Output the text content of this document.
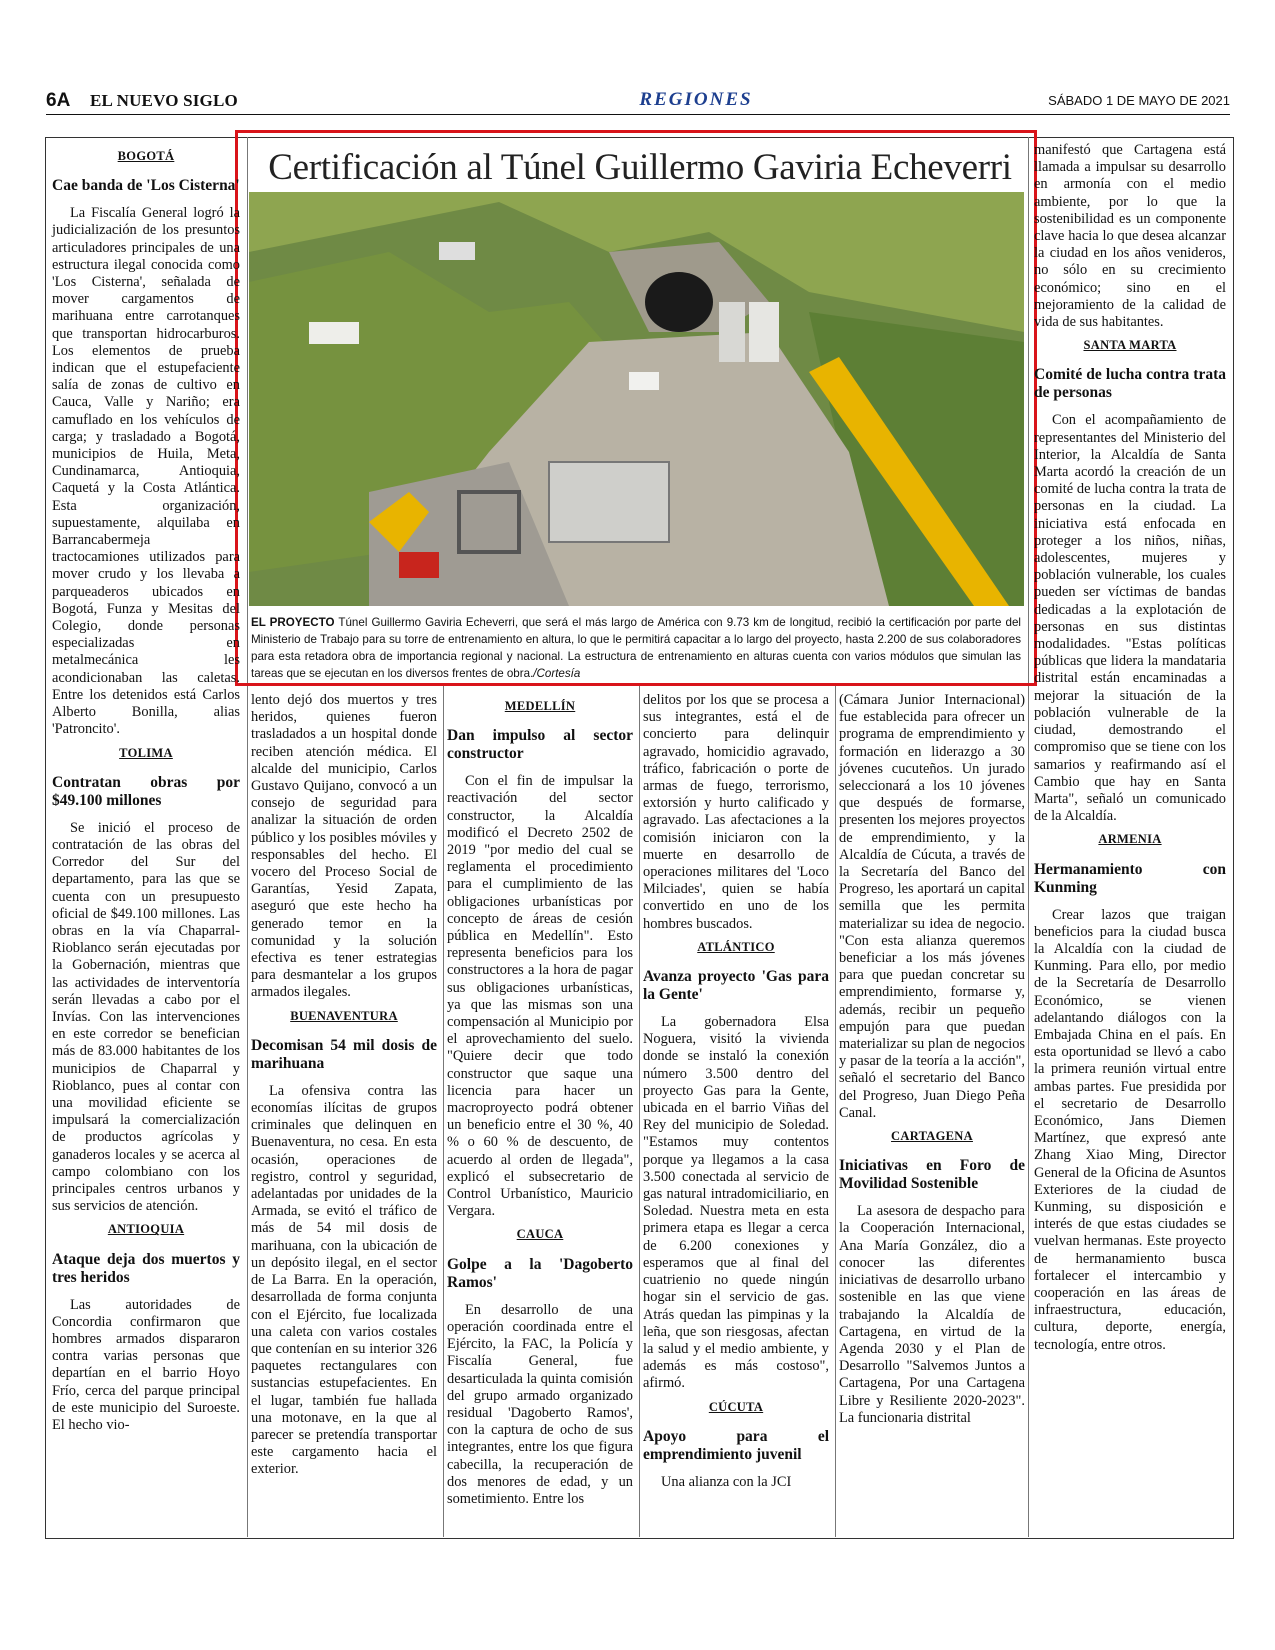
6A EL NUEVO SIGLO	REGIONES	SÁBADO 1 DE MAYO DE 2021
Certificación al Túnel Guillermo Gaviria Echeverri
EL PROYECTO Túnel Guillermo Gaviria Echeverri, que será el más largo de América con 9.73 km de longitud, recibió la certificación por parte del Ministerio de Trabajo para su torre de entrenamiento en altura, lo que le permitirá capacitar a lo largo del proyecto, hasta 2.200 de sus colaboradores para esta retadora obra de importancia regional y nacional. La estructura de entrenamiento en alturas cuenta con varios módulos que simulan las tareas que se ejecutan en los diversos frentes de obra./Cortesía
BOGOTÁ
Cae banda de 'Los Cisterna'

La Fiscalía General logró la judicialización de los presuntos articuladores principales de una estructura ilegal conocida como 'Los Cisterna', señalada de mover cargamentos de marihuana entre carrotanques que transportan hidrocarburos. Los elementos de prueba indican que el estupefaciente salía de zonas de cultivo en Cauca, Valle y Nariño; era camuflado en los vehículos de carga; y trasladado a Bogotá, municipios de Huila, Meta, Cundinamarca, Antioquia, Caquetá y la Costa Atlántica. Esta organización, supuestamente, alquilaba en Barrancabermeja tractocamiones utilizados para mover crudo y los llevaba a parqueaderos ubicados en Bogotá, Funza y Mesitas del Colegio, donde personas especializadas en metalmecánica les acondicionaban las caletas. Entre los detenidos está Carlos Alberto Bonilla, alias 'Patroncito'.

TOLIMA
Contratan obras por $49.100 millones

Se inició el proceso de contratación de las obras del Corredor del Sur del departamento, para las que se cuenta con un presupuesto oficial de $49.100 millones. Las obras en la vía Chaparral-Rioblanco serán ejecutadas por la Gobernación, mientras que las actividades de interventoría serán llevadas a cabo por el Invías. Con las intervenciones en este corredor se benefician más de 83.000 habitantes de los municipios de Chaparral y Rioblanco, pues al contar con una movilidad eficiente se impulsará la comercialización de productos agrícolas y ganaderos locales y se acerca al campo colombiano con los principales centros urbanos y sus servicios de atención.

ANTIOQUIA
Ataque deja dos muertos y tres heridos

Las autoridades de Concordia confirmaron que hombres armados dispararon contra varias personas que departían en el barrio Hoyo Frío, cerca del parque principal de este municipio del Suroeste. El hecho vio-

lento dejó dos muertos y tres heridos, quienes fueron trasladados a un hospital donde reciben atención médica. El alcalde del municipio, Carlos Gustavo Quijano, convocó a un consejo de seguridad para analizar la situación de orden público y los posibles móviles y responsables del hecho. El vocero del Proceso Social de Garantías, Yesid Zapata, aseguró que este hecho ha generado temor en la comunidad y la solución efectiva es tener estrategias para desmantelar a los grupos armados ilegales.

BUENAVENTURA
Decomisan 54 mil dosis de marihuana

La ofensiva contra las economías ilícitas de grupos criminales que delinquen en Buenaventura, no cesa. En esta ocasión, operaciones de registro, control y seguridad, adelantadas por unidades de la Armada, se evitó el tráfico de más de 54 mil dosis de marihuana, con la ubicación de un depósito ilegal, en el sector de La Barra. En la operación, desarrollada de forma conjunta con el Ejército, fue localizada una caleta con varios costales que contenían en su interior 326 paquetes rectangulares con sustancias estupefacientes. En el lugar, también fue hallada una motonave, en la que al parecer se pretendía transportar este cargamento hacia el exterior.

MEDELLÍN
Dan impulso al sector constructor

Con el fin de impulsar la reactivación del sector constructor, la Alcaldía modificó el Decreto 2502 de 2019 "por medio del cual se reglamenta el procedimiento para el cumplimiento de las obligaciones urbanísticas por concepto de áreas de cesión pública en Medellín". Esto representa beneficios para los constructores a la hora de pagar sus obligaciones urbanísticas, ya que las mismas son una compensación al Municipio por el aprovechamiento del suelo. "Quiere decir que todo constructor que saque una licencia para hacer un macroproyecto podrá obtener un beneficio entre el 30 %, 40 % o 60 % de descuento, de acuerdo al orden de llegada", explicó el subsecretario de Control Urbanístico, Mauricio Vergara.

CAUCA
Golpe a la 'Dagoberto Ramos'

En desarrollo de una operación coordinada entre el Ejército, la FAC, la Policía y Fiscalía General, fue desarticulada la quinta comisión del grupo armado organizado residual 'Dagoberto Ramos', con la captura de ocho de sus integrantes, entre los que figura cabecilla, la recuperación de dos menores de edad, y un sometimiento. Entre los

delitos por los que se procesa a sus integrantes, está el de concierto para delinquir agravado, homicidio agravado, tráfico, fabricación o porte de armas de fuego, terrorismo, extorsión y hurto calificado y agravado. Las afectaciones a la comisión iniciaron con la muerte en desarrollo de operaciones militares del 'Loco Milciades', quien se había convertido en uno de los hombres buscados.

ATLÁNTICO
Avanza proyecto 'Gas para la Gente'

La gobernadora Elsa Noguera, visitó la vivienda donde se instaló la conexión número 3.500 dentro del proyecto Gas para la Gente, ubicada en el barrio Viñas del Rey del municipio de Soledad. "Estamos muy contentos porque ya llegamos a la casa 3.500 conectada al servicio de gas natural intradomiciliario, en Soledad. Nuestra meta en esta primera etapa es llegar a cerca de 6.200 conexiones y esperamos que al final del cuatrienio no quede ningún hogar sin el servicio de gas. Atrás quedan las pimpinas y la leña, que son riesgosas, afectan la salud y el medio ambiente, y además es más costoso", afirmó.

CÚCUTA
Apoyo para el emprendimiento juvenil

Una alianza con la JCI

(Cámara Junior Internacional) fue establecida para ofrecer un programa de emprendimiento y formación en liderazgo a 30 jóvenes cucuteños. Un jurado seleccionará a los 10 jóvenes que después de formarse, presenten los mejores proyectos de emprendimiento, y la Alcaldía de Cúcuta, a través de la Secretaría del Banco del Progreso, les aportará un capital semilla que les permita materializar su idea de negocio. "Con esta alianza queremos beneficiar a los más jóvenes para que puedan concretar su emprendimiento, formarse y, además, recibir un pequeño empujón para que puedan materializar su plan de negocios y pasar de la teoría a la acción", señaló el secretario del Banco del Progreso, Juan Diego Peña Canal.

CARTAGENA
Iniciativas en Foro de Movilidad Sostenible

La asesora de despacho para la Cooperación Internacional, Ana María González, dio a conocer las diferentes iniciativas de desarrollo urbano sostenible en las que viene trabajando la Alcaldía de Cartagena, en virtud de la Agenda 2030 y el Plan de Desarrollo "Salvemos Juntos a Cartagena, Por una Cartagena Libre y Resiliente 2020-2023". La funcionaria distrital

manifestó que Cartagena está llamada a impulsar su desarrollo en armonía con el medio ambiente, por lo que la sostenibilidad es un componente clave hacia lo que desea alcanzar la ciudad en los años venideros, no sólo en su crecimiento económico; sino en el mejoramiento de la calidad de vida de sus habitantes.

SANTA MARTA
Comité de lucha contra trata de personas

Con el acompañamiento de representantes del Ministerio del Interior, la Alcaldía de Santa Marta acordó la creación de un comité de lucha contra la trata de personas en la ciudad. La iniciativa está enfocada en proteger a los niños, niñas, adolescentes, mujeres y población vulnerable, los cuales pueden ser víctimas de bandas dedicadas a la explotación de personas en sus distintas modalidades. "Estas políticas públicas que lidera la mandataria distrital están encaminadas a mejorar la situación de la población vulnerable de la ciudad, demostrando el compromiso que se tiene con los samarios y reafirmando así el Cambio que hay en Santa Marta", señaló un comunicado de la Alcaldía.

ARMENIA
Hermanamiento con Kunming

Crear lazos que traigan beneficios para la ciudad busca la Alcaldía con la ciudad de Kunming. Para ello, por medio de la Secretaría de Desarrollo Económico, se vienen adelantando diálogos con la Embajada China en el país. En esta oportunidad se llevó a cabo la primera reunión virtual entre ambas partes. Fue presidida por el secretario de Desarrollo Económico, Jans Diemen Martínez, que expresó ante Zhang Xiao Ming, Director General de la Oficina de Asuntos Exteriores de la ciudad de Kunming, su disposición e interés de que estas ciudades se vuelvan hermanas. Este proyecto de hermanamiento busca fortalecer el intercambio y cooperación en las áreas de infraestructura, educación, cultura, deporte, energía, tecnología, entre otros.
